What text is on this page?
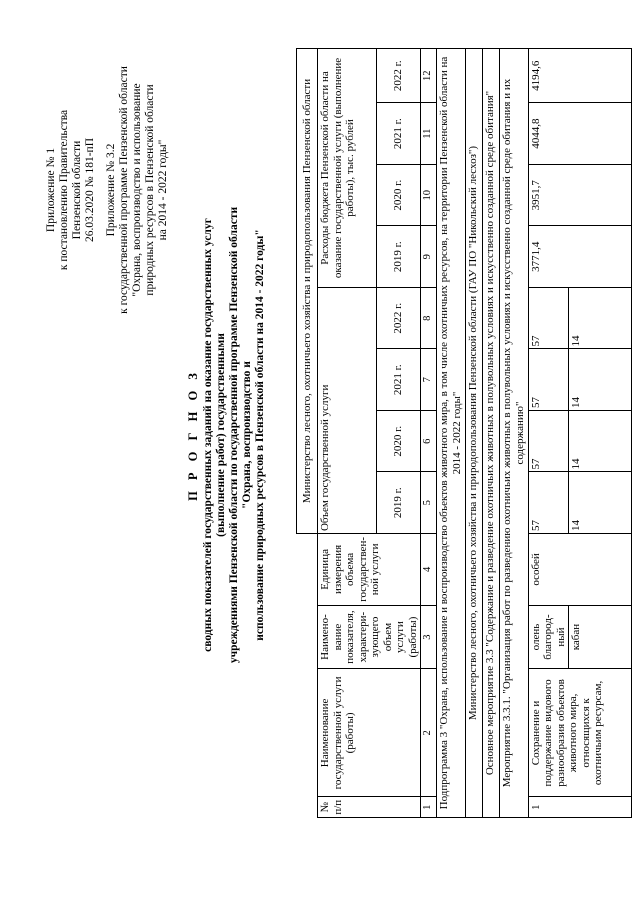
Приложение № 1 к постановлению Правительства Пензенской области 26.03.2020 № 181-пП Приложение № 3.2 к государственной программе Пензенской области "Охрана, воспроизводство и использование природных ресурсов в Пензенской области на 2014 - 2022 годы"
П Р О Г Н О З сводных показателей государственных заданий на оказание государственных услуг (выполнение работ) государственными учреждениями Пензенской области по государственной программе Пензенской области "Охрана, воспроизводство и использование природных ресурсов в Пензенской области на 2014 - 2022 годы"
				Министерство лесного, охотничьего хозяйства и природопользования Пензенской области							
№ п/п	Наименование государственной услуги (работы)	Наимено-вание показателя, характери-зующего объем услуги (работы)	Единица измерения объема государствен-ной услуги	Объем государственной услуги				Расходы бюджета Пензенской области на оказание государственной услуги (выполнение работы), тыс. рублей			
				2019 г.	2020 г.	2021 г.	2022 г.	2019 г.	2020 г.	2021 г.	2022 г.
1	2	3	4	5	6	7	8	9	10	11	12
Подпрограмма 3 "Охрана, использование и воспроизводство объектов животного мира, в том числе охотничьих ресурсов, на территории Пензенской области на 2014 - 2022 годы"											
Министерство лесного, охотничьего хозяйства и природопользования Пензенской области (ГАУ ПО "Никольский лесхоз")											
Основное мероприятие 3.3 "Содержание и разведение охотничьих животных в полувольных условиях и искусственно созданной среде обитания"											
Мероприятие 3.3.1. "Организация работ по разведению охотничьих животных в полувольных условиях и искусственно созданной среде обитания и их содержанию"											
1	Сохранение и поддержание видового разнообразия объектов животного мира, относящихся к охотничьим ресурсам,	олень благород-ный	особей	57	57	57	57	3771,4	3951,7	4044,8	4194,6
		кабан		14	14	14	14				
